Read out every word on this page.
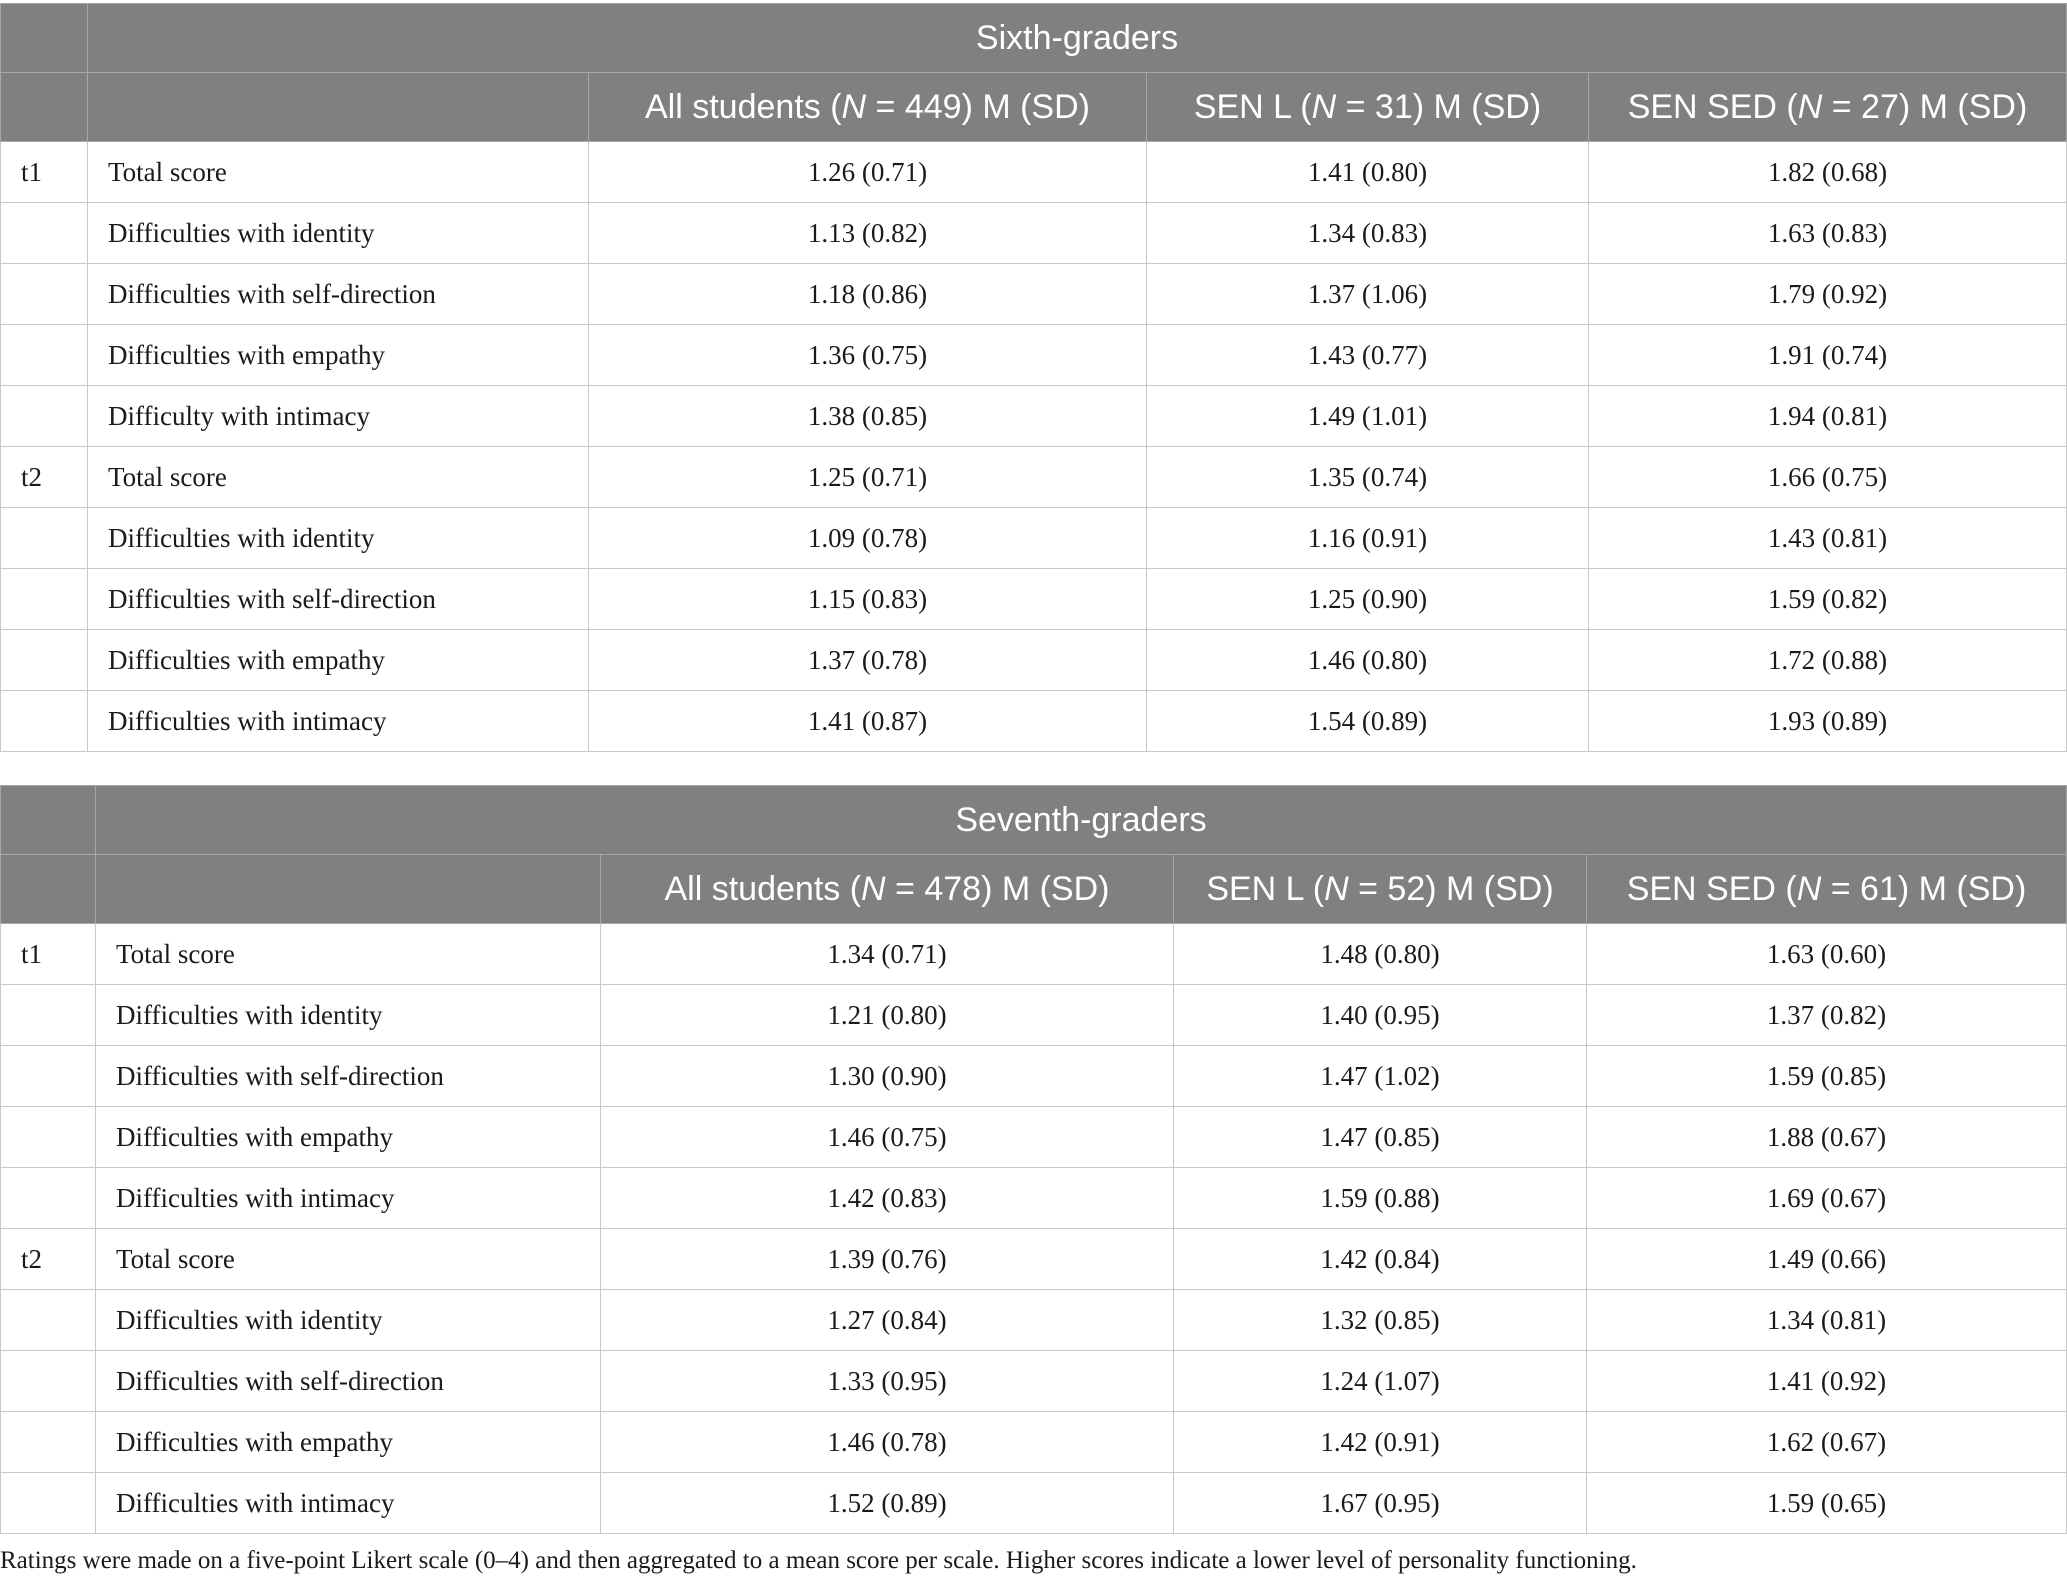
	Sixth-graders			
		All students (N = 449) M (SD)	SEN L (N = 31) M (SD)	SEN SED (N = 27) M (SD)
t1	Total score	1.26 (0.71)	1.41 (0.80)	1.82 (0.68)
	Difficulties with identity	1.13 (0.82)	1.34 (0.83)	1.63 (0.83)
	Difficulties with self-direction	1.18 (0.86)	1.37 (1.06)	1.79 (0.92)
	Difficulties with empathy	1.36 (0.75)	1.43 (0.77)	1.91 (0.74)
	Difficulty with intimacy	1.38 (0.85)	1.49 (1.01)	1.94 (0.81)
t2	Total score	1.25 (0.71)	1.35 (0.74)	1.66 (0.75)
	Difficulties with identity	1.09 (0.78)	1.16 (0.91)	1.43 (0.81)
	Difficulties with self-direction	1.15 (0.83)	1.25 (0.90)	1.59 (0.82)
	Difficulties with empathy	1.37 (0.78)	1.46 (0.80)	1.72 (0.88)
	Difficulties with intimacy	1.41 (0.87)	1.54 (0.89)	1.93 (0.89)
	Seventh-graders			
		All students (N = 478) M (SD)	SEN L (N = 52) M (SD)	SEN SED (N = 61) M (SD)
t1	Total score	1.34 (0.71)	1.48 (0.80)	1.63 (0.60)
	Difficulties with identity	1.21 (0.80)	1.40 (0.95)	1.37 (0.82)
	Difficulties with self-direction	1.30 (0.90)	1.47 (1.02)	1.59 (0.85)
	Difficulties with empathy	1.46 (0.75)	1.47 (0.85)	1.88 (0.67)
	Difficulties with intimacy	1.42 (0.83)	1.59 (0.88)	1.69 (0.67)
t2	Total score	1.39 (0.76)	1.42 (0.84)	1.49 (0.66)
	Difficulties with identity	1.27 (0.84)	1.32 (0.85)	1.34 (0.81)
	Difficulties with self-direction	1.33 (0.95)	1.24 (1.07)	1.41 (0.92)
	Difficulties with empathy	1.46 (0.78)	1.42 (0.91)	1.62 (0.67)
	Difficulties with intimacy	1.52 (0.89)	1.67 (0.95)	1.59 (0.65)
Ratings were made on a five-point Likert scale (0–4) and then aggregated to a mean score per scale. Higher scores indicate a lower level of personality functioning.
